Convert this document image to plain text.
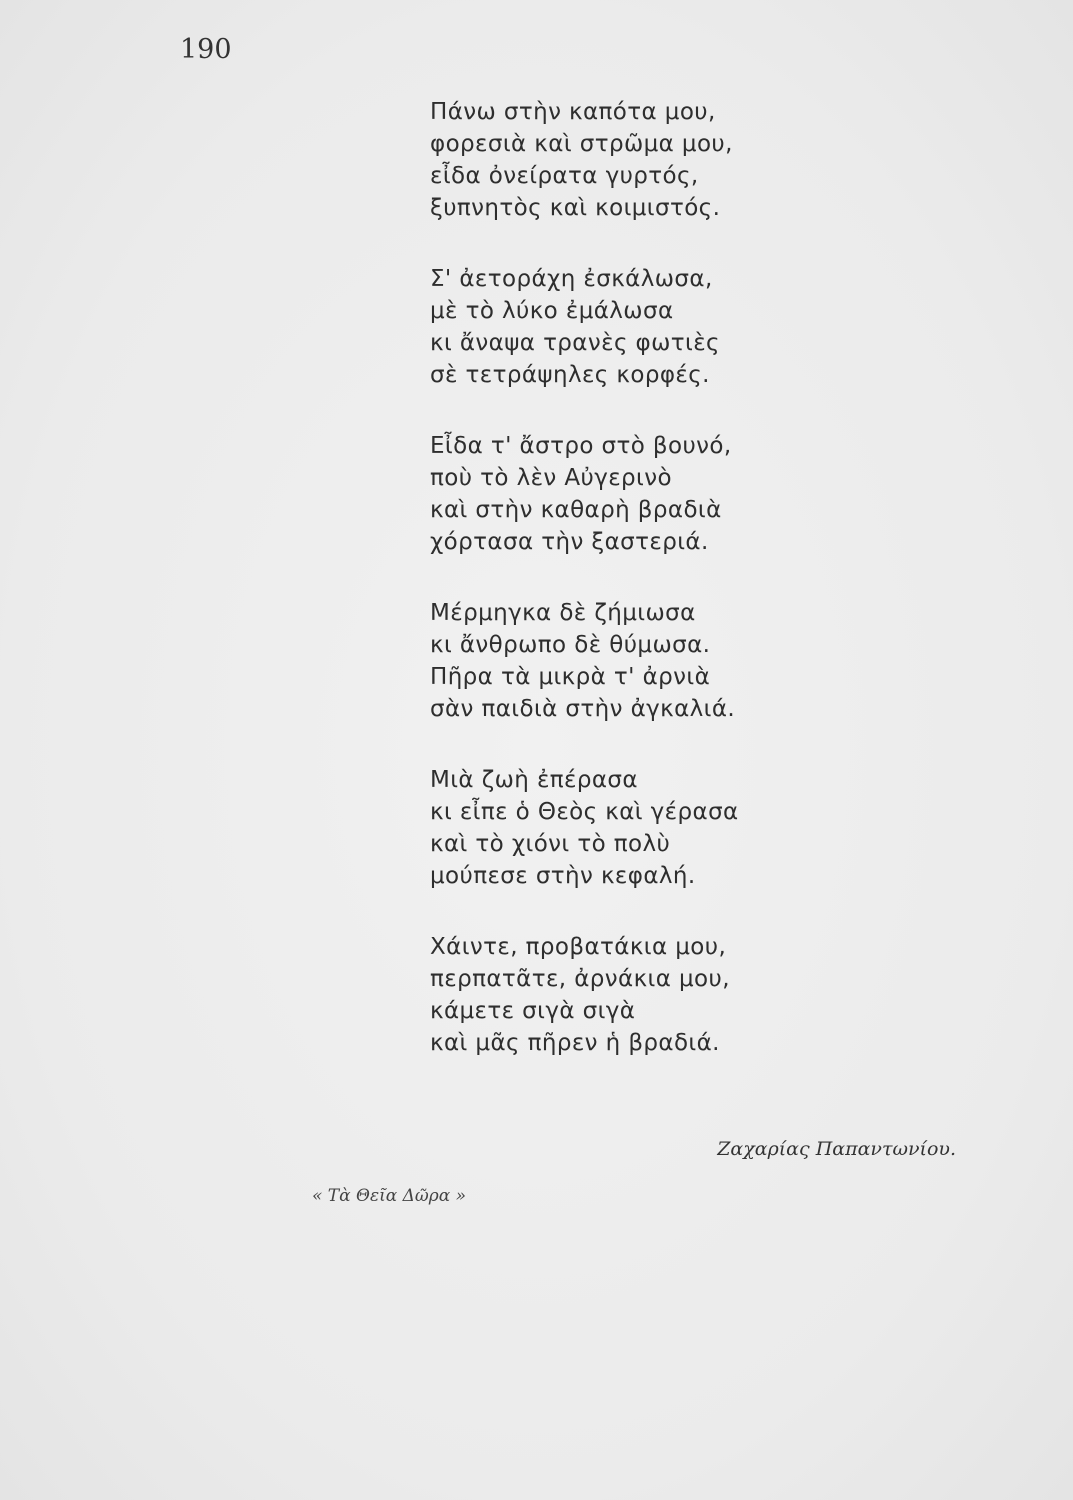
190
Πάνω στὴν καπότα μου,
φορεσιὰ καὶ στρῶμα μου,
εἶδα ὀνείρατα γυρτός,
ξυπνητὸς καὶ κοιμιστός.
Σ' ἀετοράχη ἐσκάλωσα,
μὲ τὸ λύκο ἐμάλωσα
κι ἄναψα τρανὲς φωτιὲς
σὲ τετράψηλες κορφές.
Εἶδα τ' ἄστρο στὸ βουνό,
ποὺ τὸ λὲν Αὐγερινὸ
καὶ στὴν καθαρὴ βραδιὰ
χόρτασα τὴν ξαστεριά.
Μέρμηγκα δὲ ζήμιωσα
κι ἄνθρωπο δὲ θύμωσα.
Πῆρα τὰ μικρὰ τ' ἀρνιὰ
σὰν παιδιὰ στὴν ἀγκαλιά.
Μιὰ ζωὴ ἐπέρασα
κι εἶπε ὁ Θεὸς καὶ γέρασα
καὶ τὸ χιόνι τὸ πολὺ
μούπεσε στὴν κεφαλή.
Χάιντε, προβατάκια μου,
περπατᾶτε, ἀρνάκια μου,
κάμετε σιγὰ σιγὰ
καὶ μᾶς πῆρεν ἡ βραδιά.
Ζαχαρίας Παπαντωνίου.
« Τὰ Θεῖα Δῶρα »
